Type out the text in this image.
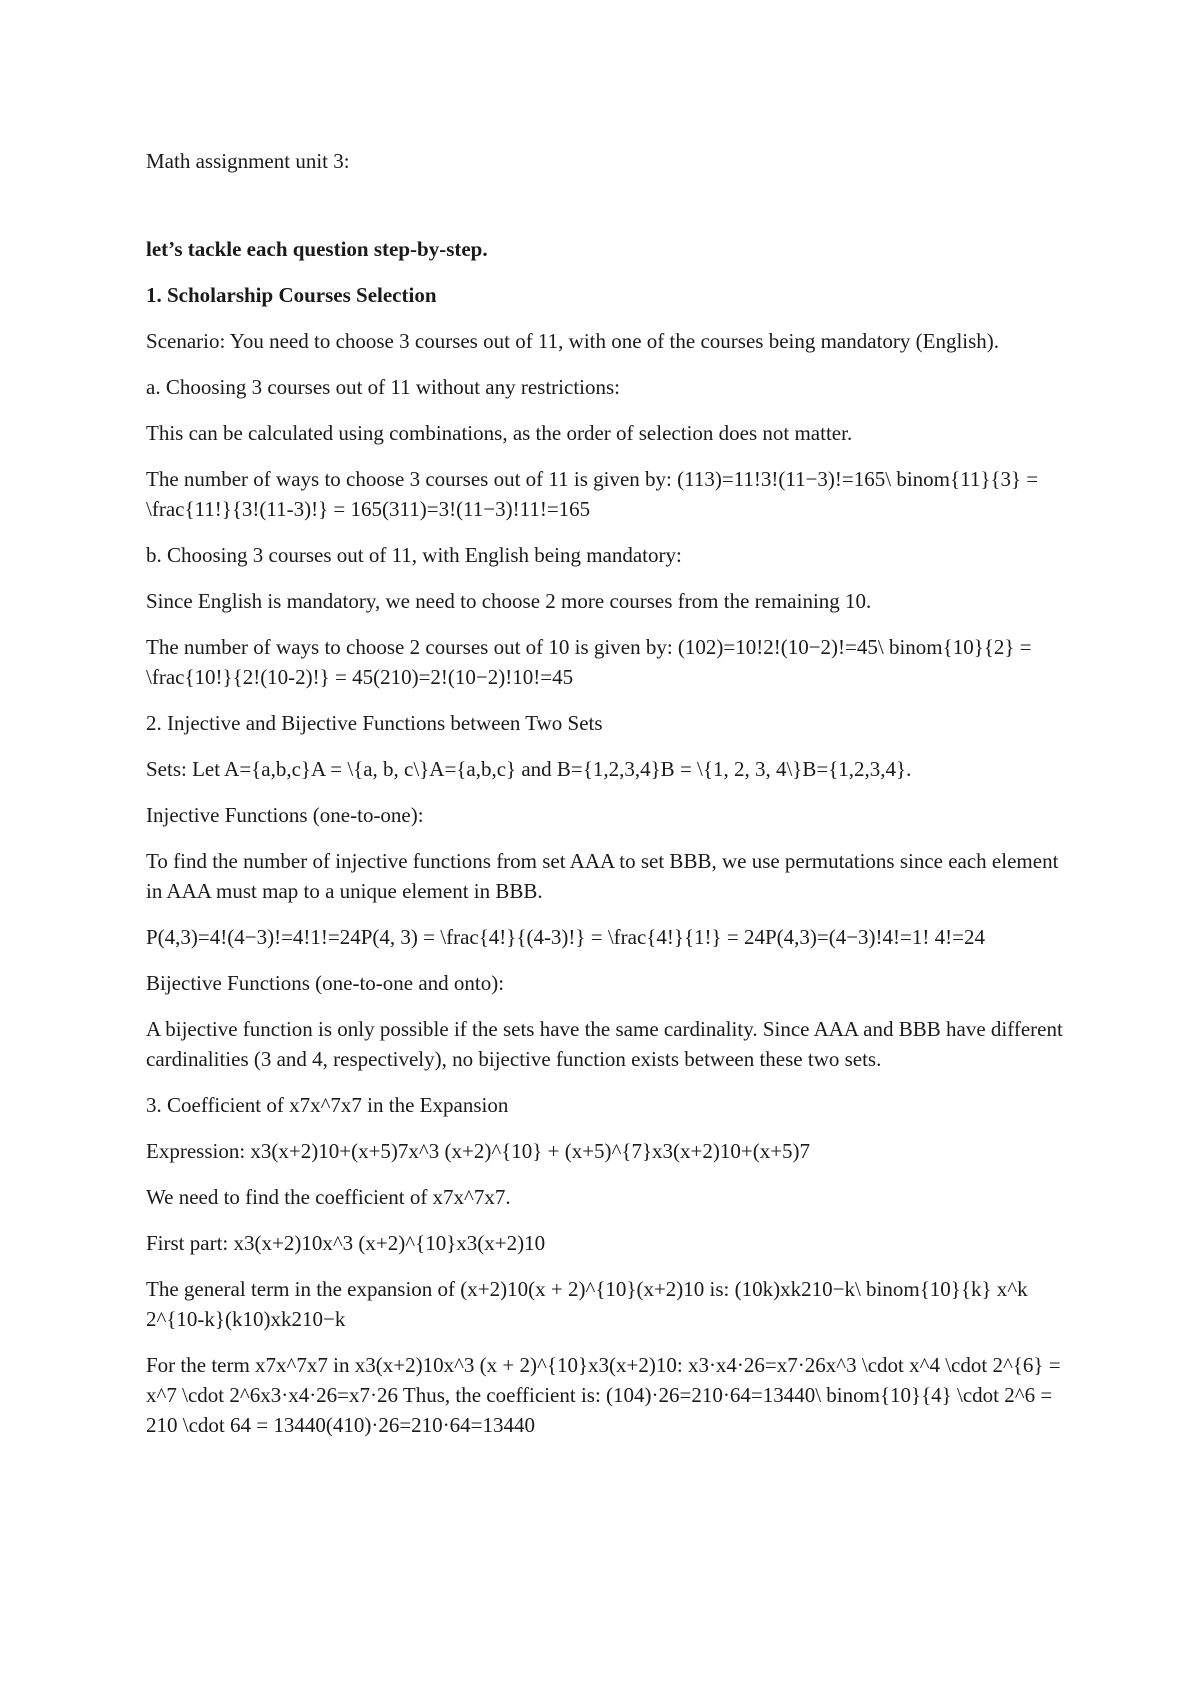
Math assignment unit 3:

let’s tackle each question step-by-step.

1. Scholarship Courses Selection

Scenario: You need to choose 3 courses out of 11, with one of the courses being mandatory (English).

a. Choosing 3 courses out of 11 without any restrictions:

This can be calculated using combinations, as the order of selection does not matter.

The number of ways to choose 3 courses out of 11 is given by: (113)=11!3!(11−3)!=165\ binom{11}{3} = \frac{11!}{3!(11-3)!} = 165(311)=3!(11−3)!11!=165

b. Choosing 3 courses out of 11, with English being mandatory:

Since English is mandatory, we need to choose 2 more courses from the remaining 10.

The number of ways to choose 2 courses out of 10 is given by: (102)=10!2!(10−2)!=45\ binom{10}{2} = \frac{10!}{2!(10-2)!} = 45(210)=2!(10−2)!10!=45

2. Injective and Bijective Functions between Two Sets

Sets: Let A={a,b,c}A = \{a, b, c\}A={a,b,c} and B={1,2,3,4}B = \{1, 2, 3, 4\}B={1,2,3,4}.

Injective Functions (one-to-one):

To find the number of injective functions from set AAA to set BBB, we use permutations since each element in AAA must map to a unique element in BBB.

P(4,3)=4!(4−3)!=4!1!=24P(4, 3) = \frac{4!}{(4-3)!} = \frac{4!}{1!} = 24P(4,3)=(4−3)!4!=1! 4!=24

Bijective Functions (one-to-one and onto):

A bijective function is only possible if the sets have the same cardinality. Since AAA and BBB have different cardinalities (3 and 4, respectively), no bijective function exists between these two sets.

3. Coefficient of x7x^7x7 in the Expansion

Expression: x3(x+2)10+(x+5)7x^3 (x+2)^{10} + (x+5)^{7}x3(x+2)10+(x+5)7

We need to find the coefficient of x7x^7x7.

First part: x3(x+2)10x^3 (x+2)^{10}x3(x+2)10

The general term in the expansion of (x+2)10(x + 2)^{10}(x+2)10 is: (10k)xk210−k\ binom{10}{k} x^k 2^{10-k}(k10)xk210−k

For the term x7x^7x7 in x3(x+2)10x^3 (x + 2)^{10}x3(x+2)10: x3·x4·26=x7·26x^3 \cdot x^4 \cdot 2^{6} = x^7 \cdot 2^6x3·x4·26=x7·26 Thus, the coefficient is: (104)·26=210·64=13440\ binom{10}{4} \cdot 2^6 = 210 \cdot 64 = 13440(410)·26=210·64=13440
